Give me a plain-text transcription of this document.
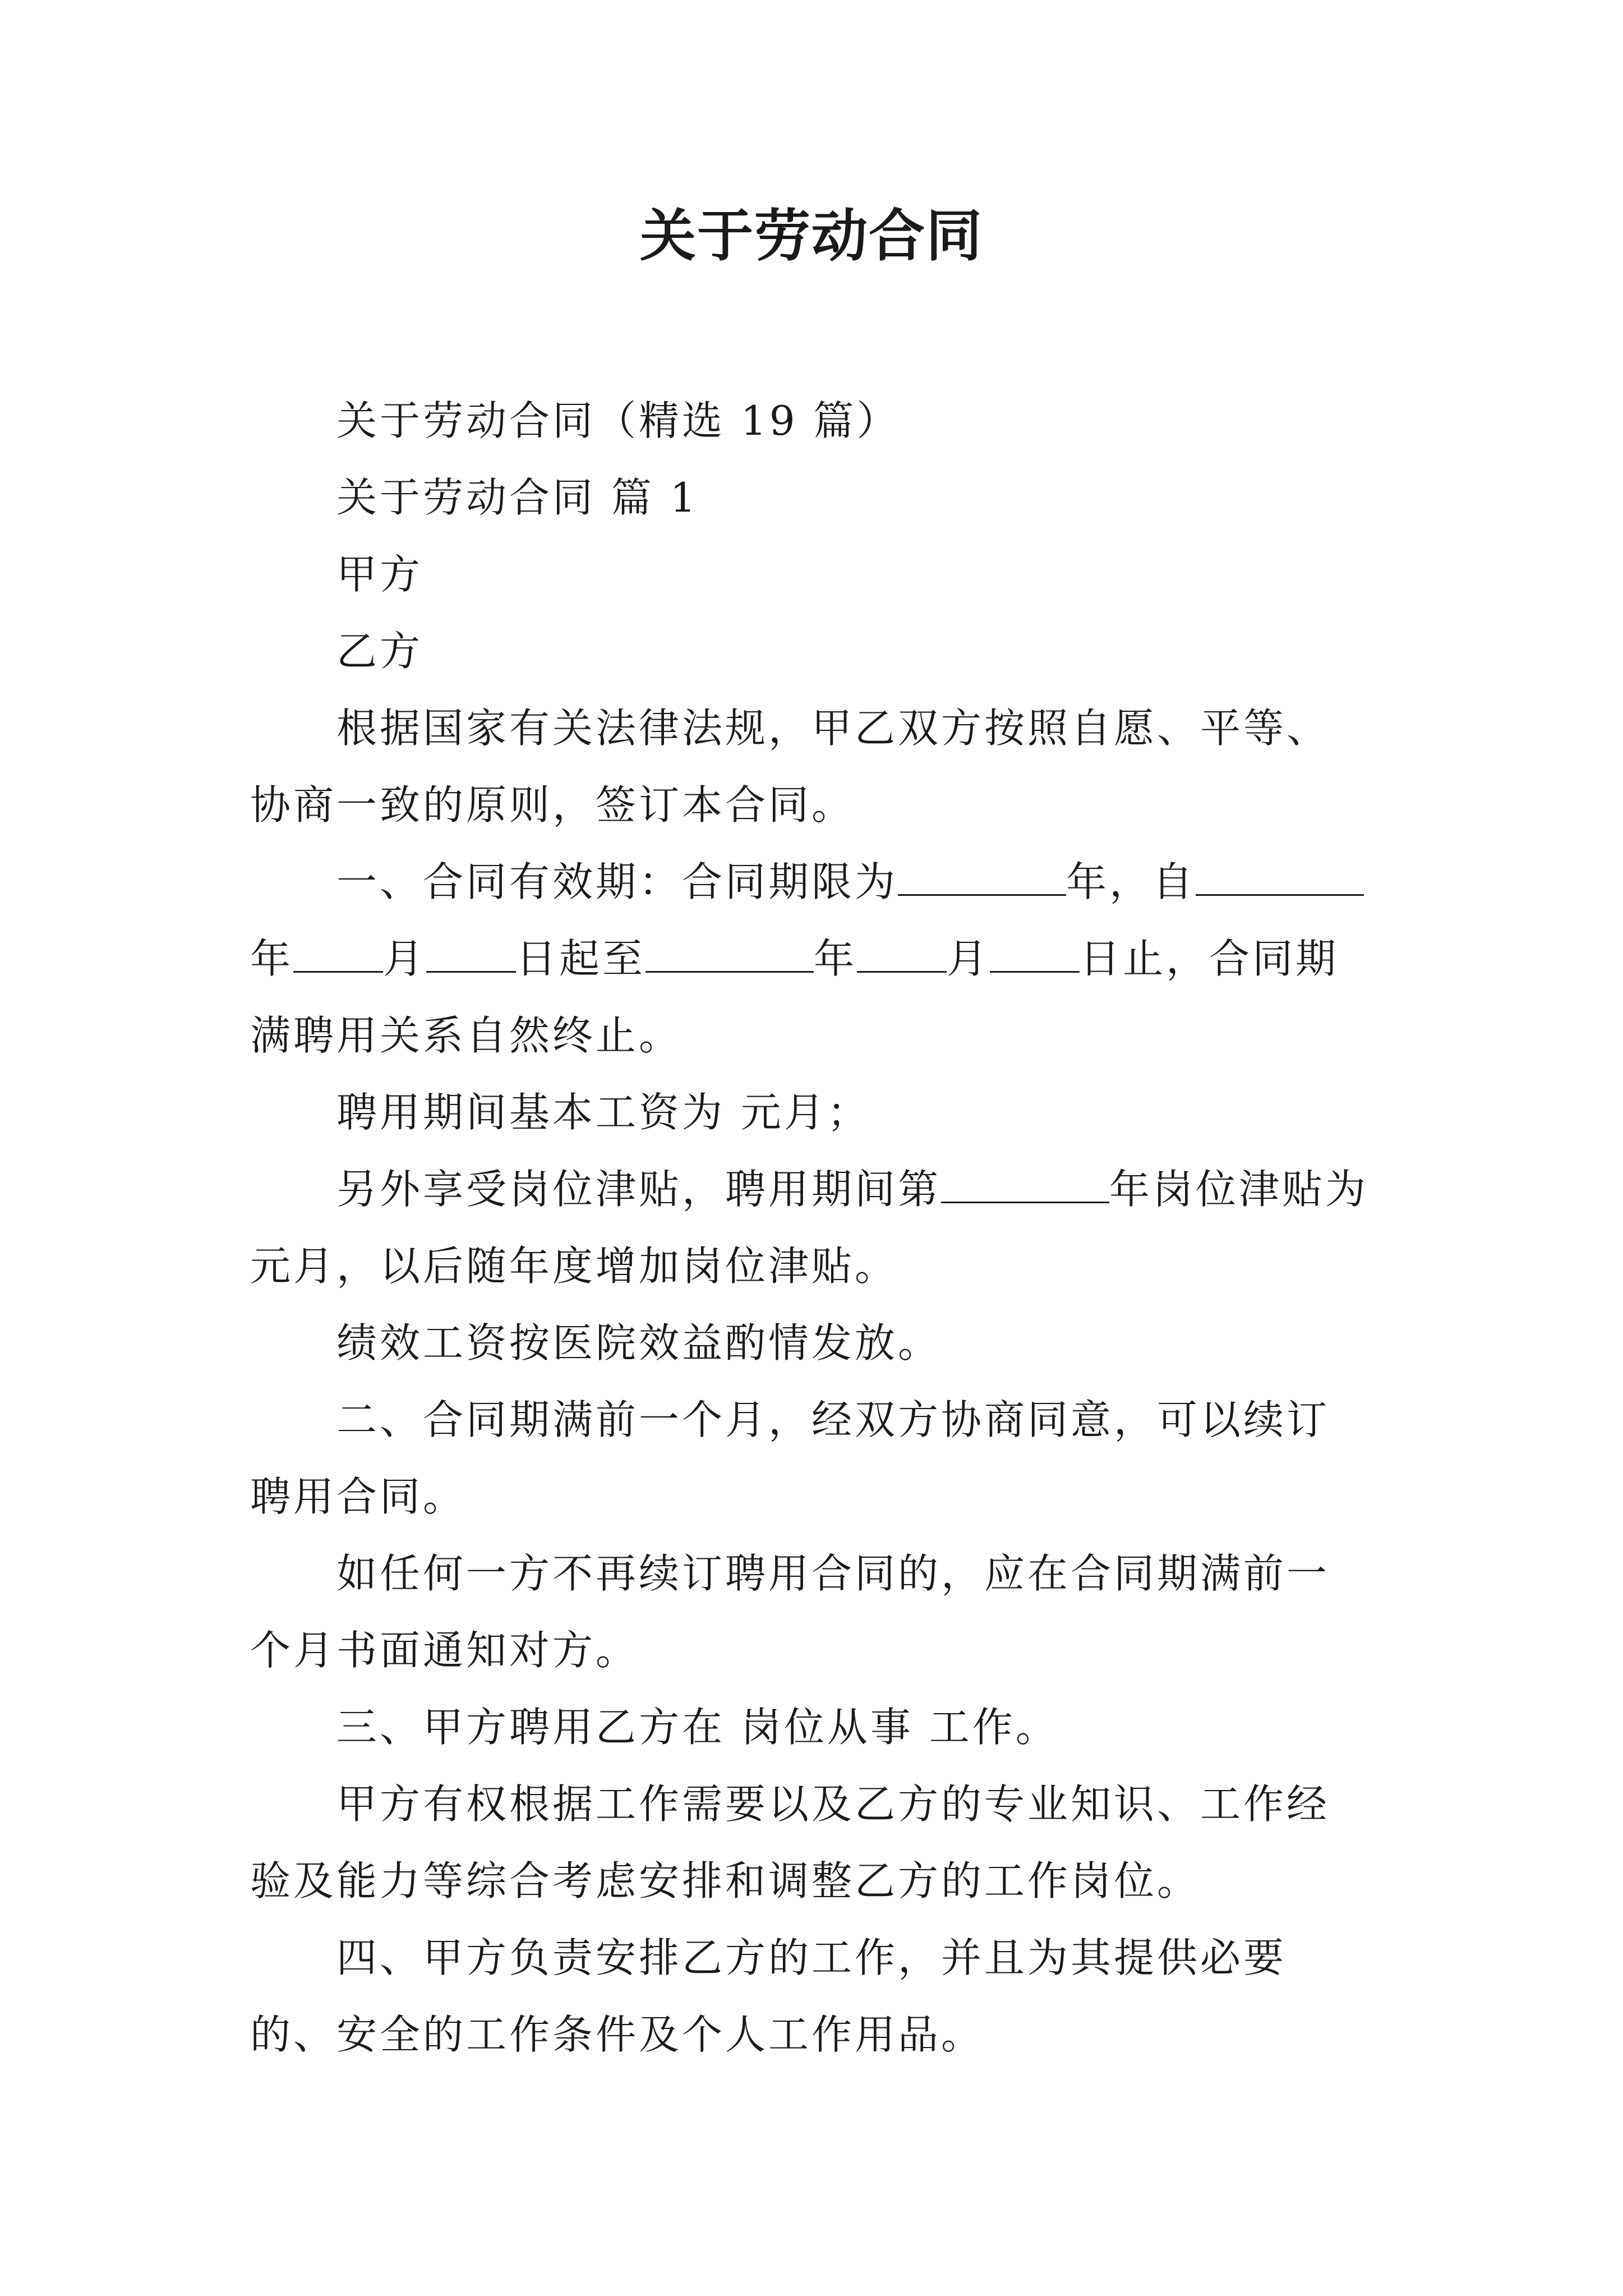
关于劳动合同

关于劳动合同（精选 19 篇）

关于劳动合同 篇 1

甲方

乙方

根据国家有关法律法规，甲乙双方按照自愿、平等、协商一致的原则，签订本合同。

一、合同有效期：合同期限为	年，自年 月 日起至	年 月 日止，合同期满聘用关系自然终止。

聘用期间基本工资为 元月；

另外享受岗位津贴，聘用期间第	年岗位津贴为 元月，以后随年度增加岗位津贴。

绩效工资按医院效益酌情发放。

二、合同期满前一个月，经双方协商同意，可以续订聘用合同。

如任何一方不再续订聘用合同的，应在合同期满前一个月书面通知对方。

三、甲方聘用乙方在 岗位从事 工作。

甲方有权根据工作需要以及乙方的专业知识、工作经验及能力等综合考虑安排和调整乙方的工作岗位。

四、甲方负责安排乙方的工作，并且为其提供必要的、安全的工作条件及个人工作用品。
